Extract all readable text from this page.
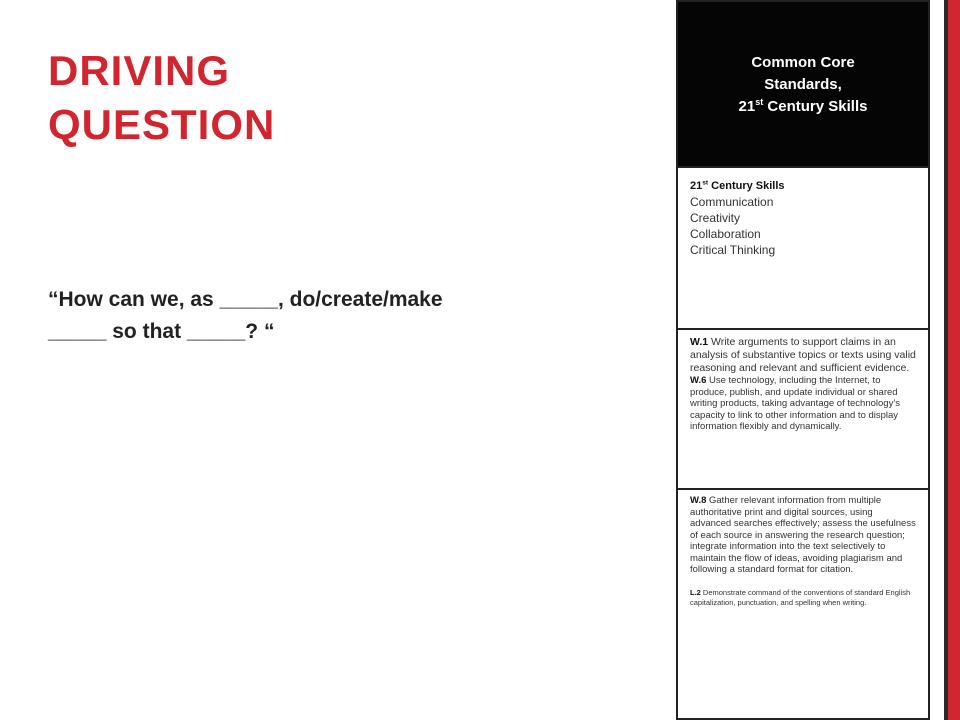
DRIVING
QUESTION
“How can we, as _____, do/create/make
_____ so that _____? “
Common Core
Standards,
21st Century Skills
21st Century Skills
Communication
Creativity
Collaboration
Critical Thinking

W.1 Write arguments to support claims in an analysis of substantive topics or texts using valid reasoning and relevant and sufficient evidence.

W.6 Use technology, including the Internet, to produce, publish, and update individual or shared writing products, taking advantage of technology’s capacity to link to other information and to display information flexibly and dynamically.

W.8 Gather relevant information from multiple authoritative print and digital sources, using advanced searches effectively; assess the usefulness of each source in answering the research question; integrate information into the text selectively to maintain the flow of ideas, avoiding plagiarism and following a standard format for citation.

L.2 Demonstrate command of the conventions of standard English capitalization, punctuation, and spelling when writing.
